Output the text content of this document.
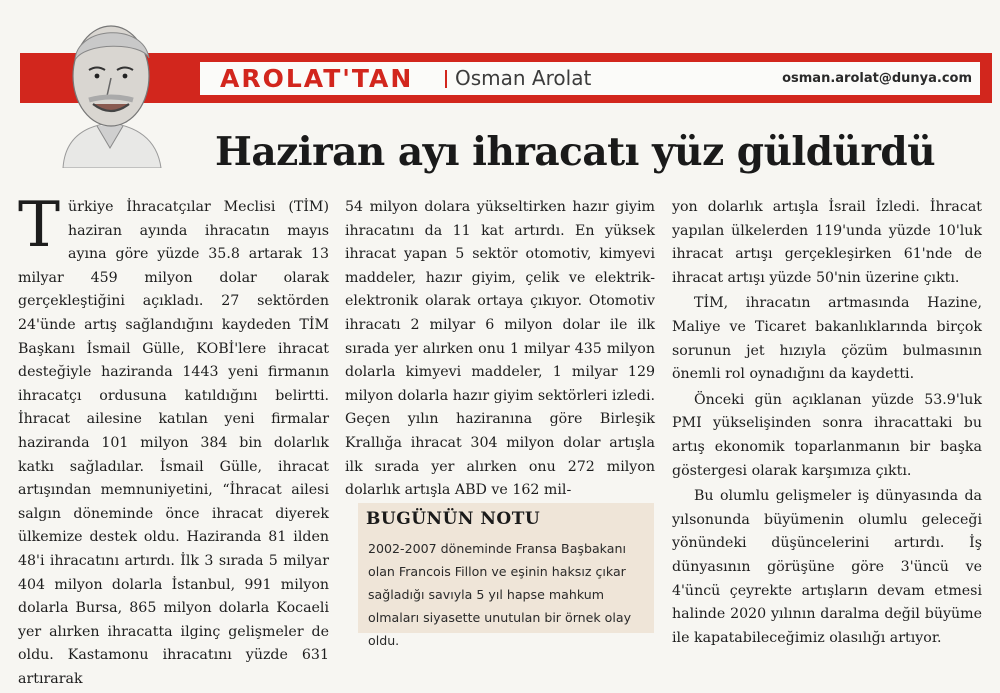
AROLAT'TAN Osman Arolat	osman.arolat@dunya.com
Haziran ayı ihracatı yüz güldürdü

Türkiye İhracatçılar Meclisi (TİM) haziran ayında ihracatın mayıs ayına göre yüzde 35.8 artarak 13 milyar 459 milyon dolar olarak gerçekleştiğini açıkladı. 27 sektörden 24'ünde artış sağlandığını kaydeden TİM Başkanı İsmail Gülle, KOBİ'lere ihracat desteğiyle haziranda 1443 yeni firmanın ihracatçı ordusuna katıldığını belirtti. İhracat ailesine katılan yeni firmalar haziranda 101 milyon 384 bin dolarlık katkı sağladılar. İsmail Gülle, ihracat artışından memnuniyetini, “İhracat ailesi salgın döneminde önce ihracat diyerek ülkemize destek oldu. Haziranda 81 ilden 48'i ihracatını artırdı. İlk 3 sırada 5 milyar 404 milyon dolarla İstanbul, 991 milyon dolarla Bursa, 865 milyon dolarla Kocaeli yer alırken ihracatta ilginç gelişmeler de oldu. Kastamonu ihracatını yüzde 631 artırarak

54 milyon dolara yükseltirken hazır giyim ihracatını da 11 kat artırdı. En yüksek ihracat yapan 5 sektör otomotiv, kimyevi maddeler, hazır giyim, çelik ve elektrik-elektronik olarak ortaya çıkıyor. Otomotiv ihracatı 2 milyar 6 milyon dolar ile ilk sırada yer alırken onu 1 milyar 435 milyon dolarla kimyevi maddeler, 1 milyar 129 milyon dolarla hazır giyim sektörleri izledi. Geçen yılın haziranına göre Birleşik Krallığa ihracat 304 milyon dolar artışla ilk sırada yer alırken onu 272 milyon dolarlık artışla ABD ve 162 mil-

yon dolarlık artışla İsrail İzledi. İhracat yapılan ülkelerden 119'unda yüzde 10'luk ihracat artışı gerçekleşirken 61'nde de ihracat artışı yüzde 50'nin üzerine çıktı.

TİM, ihracatın artmasında Hazine, Maliye ve Ticaret bakanlıklarında birçok sorunun jet hızıyla çözüm bulmasının önemli rol oynadığını da kaydetti.

Önceki gün açıklanan yüzde 53.9'luk PMI yükselişinden sonra ihracattaki bu artış ekonomik toparlanmanın bir başka göstergesi olarak karşımıza çıktı.

Bu olumlu gelişmeler iş dünyasında da yılsonunda büyümenin olumlu geleceği yönündeki düşüncelerini artırdı. İş dünyasının görüşüne göre 3'üncü ve 4'üncü çeyrekte artışların devam etmesi halinde 2020 yılının daralma değil büyüme ile kapatabileceğimiz olasılığı artıyor.

BUGÜNÜN NOTU
2002-2007 döneminde Fransa Başbakanı olan Francois Fillon ve eşinin haksız çıkar sağladığı savıyla 5 yıl hapse mahkum olmaları siyasette unutulan bir örnek olay oldu.
